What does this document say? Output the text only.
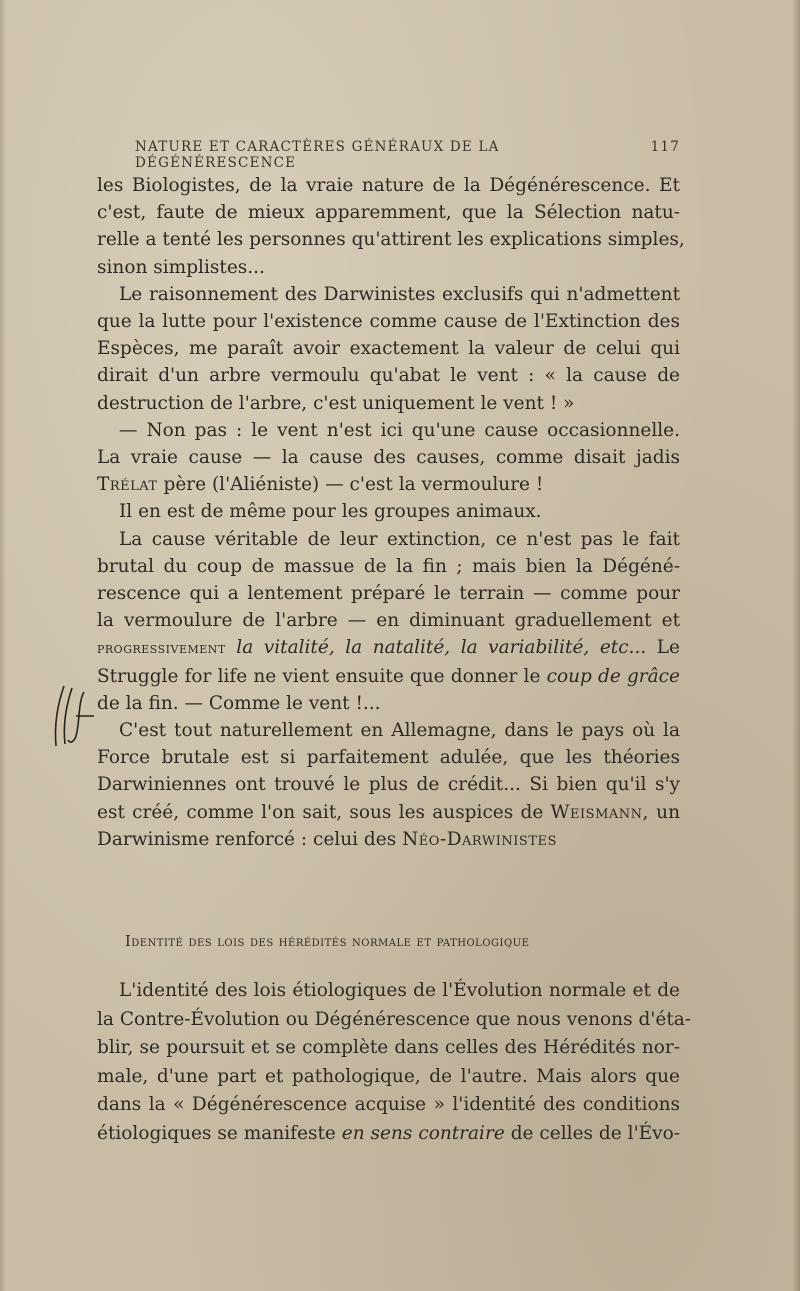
NATURE ET CARACTÈRES GÉNÉRAUX DE LA DÉGÉNÉRESCENCE
117
les Biologistes, de la vraie nature de la Dégénérescence. Et
c'est, faute de mieux apparemment, que la Sélection natu-
relle a tenté les personnes qu'attirent les explications simples,
sinon simplistes...
Le raisonnement des Darwinistes exclusifs qui n'admettent
que la lutte pour l'existence comme cause de l'Extinction des
Espèces, me paraît avoir exactement la valeur de celui qui
dirait d'un arbre vermoulu qu'abat le vent : « la cause de
destruction de l'arbre, c'est uniquement le vent ! »
— Non pas : le vent n'est ici qu'une cause occasionnelle.
La vraie cause — la cause des causes, comme disait jadis
Trélat père (l'Aliéniste) — c'est la vermoulure !
Il en est de même pour les groupes animaux.
La cause véritable de leur extinction, ce n'est pas le fait
brutal du coup de massue de la fin ; mais bien la Dégéné-
rescence qui a lentement préparé le terrain — comme pour
la vermoulure de l'arbre — en diminuant graduellement et
progressivement la vitalité, la natalité, la variabilité, etc... Le
Struggle for life ne vient ensuite que donner le coup de grâce
de la fin. — Comme le vent !...
C'est tout naturellement en Allemagne, dans le pays où la
Force brutale est si parfaitement adulée, que les théories
Darwiniennes ont trouvé le plus de crédit... Si bien qu'il s'y
est créé, comme l'on sait, sous les auspices de Weismann, un
Darwinisme renforcé : celui des Néo-Darwinistes
Identité des lois des hérédités normale et pathologique
L'identité des lois étiologiques de l'Évolution normale et de
la Contre-Évolution ou Dégénérescence que nous venons d'éta-
blir, se poursuit et se complète dans celles des Hérédités nor-
male, d'une part et pathologique, de l'autre. Mais alors que
dans la « Dégénérescence acquise » l'identité des conditions
étiologiques se manifeste en sens contraire de celles de l'Évo-
